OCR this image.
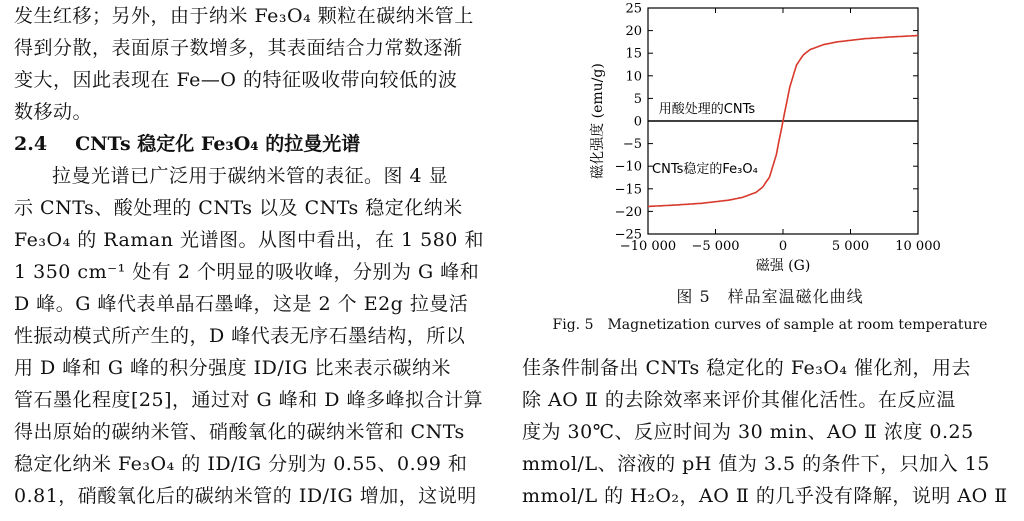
发生红移；另外，由于纳米 Fe₃O₄ 颗粒在碳纳米管上
得到分散，表面原子数增多，其表面结合力常数逐渐
变大，因此表现在 Fe—O 的特征吸收带向较低的波
数移动。

2.4 CNTs 稳定化 Fe₃O₄ 的拉曼光谱

拉曼光谱已广泛用于碳纳米管的表征。图 4 显
示 CNTs、酸处理的 CNTs 以及 CNTs 稳定化纳米
Fe₃O₄ 的 Raman 光谱图。从图中看出，在 1 580 和
1 350 cm⁻¹ 处有 2 个明显的吸收峰，分别为 G 峰和
D 峰。G 峰代表单晶石墨峰，这是 2 个 E2g 拉曼活
性振动模式所产生的，D 峰代表无序石墨结构，所以
用 D 峰和 G 峰的积分强度 ID/IG 比来表示碳纳米
管石墨化程度[25]，通过对 G 峰和 D 峰多峰拟合计算
得出原始的碳纳米管、硝酸氧化的碳纳米管和 CNTs
稳定化纳米 Fe₃O₄ 的 ID/IG 分别为 0.55、0.99 和
0.81，硝酸氧化后的碳纳米管的 ID/IG 增加，这说明

−10 000 −5 000	0	5 000 10 000
−25
−20
−15
−10
−5
0
5
10
15
20
25
磁强 (G)
磁化强度 (emu/g)	用酸处理的CNTs
CNTs稳定的Fe₃O₄
图 5　样品室温磁化曲线
Fig. 5　Magnetization curves of sample at room temperature

佳条件制备出 CNTs 稳定化的 Fe₃O₄ 催化剂，用去
除 AO Ⅱ 的去除效率来评价其催化活性。在反应温
度为 30℃、反应时间为 30 min、AO Ⅱ 浓度 0.25
mmol/L、溶液的 pH 值为 3.5 的条件下，只加入 15
mmol/L 的 H₂O₂，AO Ⅱ 的几乎没有降解，说明 AO Ⅱ
